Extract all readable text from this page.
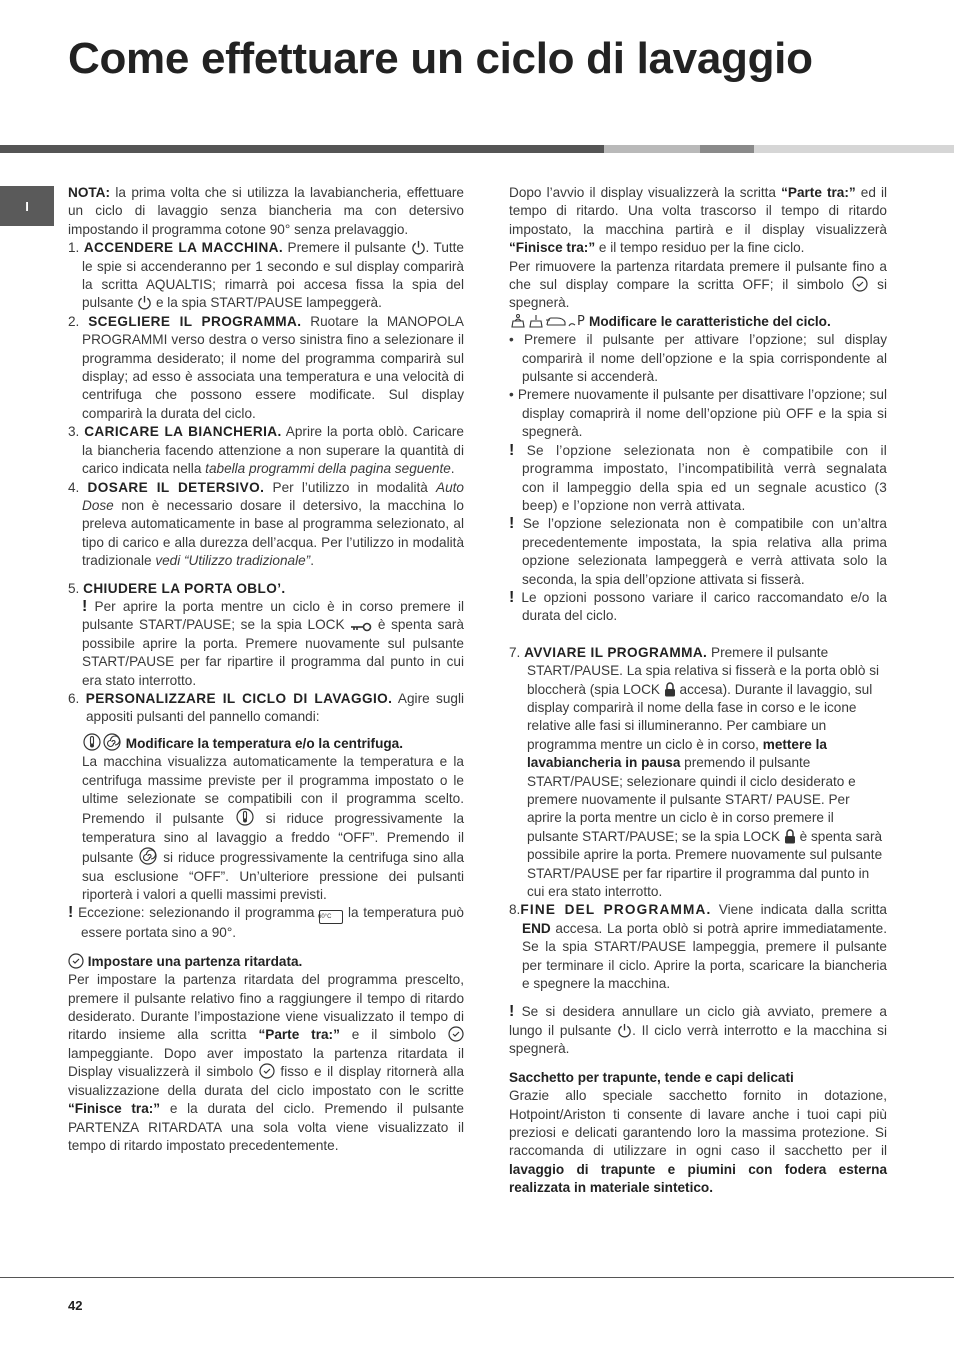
Come effettuare un ciclo di lavaggio
I

NOTA: la prima volta che si utilizza la lavabiancheria, effettuare un ciclo di lavaggio senza biancheria ma con detersivo impostando il programma cotone 90° senza prelavaggio.

1. ACCENDERE LA MACCHINA. Premere il pulsante
. Tutte le spie si accenderanno per 1 secondo e sul display comparirà la scritta AQUALTIS; rimarrà poi accesa fissa la spia del pulsante
e la spia START/PAUSE lampeggerà.

2. SCEGLIERE IL PROGRAMMA. Ruotare la MANOPOLA PROGRAMMI verso destra o verso sinistra fino a selezionare il programma desiderato; il nome del programma comparirà sul display; ad esso è associata una temperatura e una velocità di centrifuga che possono essere modificate. Sul display comparirà la durata del ciclo.

3. CARICARE LA BIANCHERIA. Aprire la porta oblò. Caricare la biancheria facendo attenzione a non superare la quantità di carico indicata nella tabella programmi della pagina seguente.

4. DOSARE IL DETERSIVO. Per l’utilizzo in modalità Auto Dose non è necessario dosare il detersivo, la macchina lo preleva automaticamente in base al programma selezionato, al tipo di carico e alla durezza dell’acqua. Per l’utilizzo in modalità tradizionale vedi “Utilizzo tradizionale”.

5. CHIUDERE LA PORTA OBLO’.

! Per aprire la porta mentre un ciclo è in corso premere il pulsante START/PAUSE; se la spia LOCK
è spenta sarà possibile aprire la porta. Premere nuovamente sul pulsante START/PAUSE per far ripartire il programma dal punto in cui era stato interrotto.

6. PERSONALIZZARE IL CICLO DI LAVAGGIO. Agire sugli appositi pulsanti del pannello comandi:

Modificare la temperatura e/o la centrifuga.

La macchina visualizza automaticamente la temperatura e la centrifuga massime previste per il programma impostato o le ultime selezionate se compatibili con il programma scelto. Premendo il pulsante
si riduce progressivamente la temperatura sino al lavaggio a freddo “OFF”. Premendo il pulsante
si riduce progressivamente la centrifuga sino alla sua esclusione “OFF”. Un’ulteriore pressione dei pulsanti riporterà i valori a quelli massimi previsti.

! Eccezione: selezionando il programma 60°C la temperatura può essere portata sino a 90°.

Impostare una partenza ritardata.

Per impostare la partenza ritardata del programma prescelto, premere il pulsante relativo fino a raggiungere il tempo di ritardo desiderato. Durante l’impostazione viene visualizzato il tempo di ritardo insieme alla scritta “Parte tra:” e il simbolo
lampeggiante. Dopo aver impostato la partenza ritardata il Display visualizzerà il simbolo
fisso e il display ritornerà alla visualizzazione della durata del ciclo impostato con le scritte “Finisce tra:” e la durata del ciclo. Premendo il pulsante PARTENZA RITARDATA una sola volta viene visualizzato il tempo di ritardo impostato precedentemente.

Dopo l’avvio il display visualizzerà la scritta “Parte tra:” ed il tempo di ritardo. Una volta trascorso il tempo di ritardo impostato, la macchina partirà e il display visualizzerà “Finisce tra:” e il tempo residuo per la fine ciclo.

Per rimuovere la partenza ritardata premere il pulsante fino a che sul display compare la scritta OFF; il simbolo
si spegnerà.

P Modificare le caratteristiche del ciclo.

• Premere il pulsante per attivare l’opzione; sul display comparirà il nome dell’opzione e la spia corrispondente al pulsante si accenderà.

• Premere nuovamente il pulsante per disattivare l’opzione; sul display comaprirà il nome dell’opzione più OFF e la spia si spegnerà.

! Se l’opzione selezionata non è compatibile con il programma impostato, l’incompatibilità verrà segnalata con il lampeggio della spia ed un segnale acustico (3 beep) e l’opzione non verrà attivata.

! Se l’opzione selezionata non è compatibile con un’altra precedentemente impostata, la spia relativa alla prima opzione selezionata lampeggerà e verrà attivata solo la seconda, la spia dell’opzione attivata si fisserà.

! Le opzioni possono variare il carico raccomandato e/o la durata del ciclo.

7. AVVIARE IL PROGRAMMA. Premere il pulsante START/PAUSE. La spia relativa si fisserà e la porta oblò si bloccherà (spia LOCK
accesa). Durante il lavaggio, sul display comparirà il nome della fase in corso e le icone relative alle fasi si illumineranno. Per cambiare un programma mentre un ciclo è in corso, mettere la lavabiancheria in pausa premendo il pulsante START/PAUSE; selezionare quindi il ciclo desiderato e premere nuovamente il pulsante START/ PAUSE. Per aprire la porta mentre un ciclo è in corso premere il pulsante START/PAUSE; se la spia LOCK
è spenta sarà possibile aprire la porta. Premere nuovamente sul pulsante START/PAUSE per far ripartire il programma dal punto in cui era stato interrotto.

8.FINE DEL PROGRAMMA. Viene indicata dalla scritta END accesa. La porta oblò si potrà aprire immediatamente. Se la spia START/PAUSE lampeggia, premere il pulsante per terminare il ciclo. Aprire la porta, scaricare la biancheria e spegnere la macchina.

! Se si desidera annullare un ciclo già avviato, premere a lungo il pulsante
. Il ciclo verrà interrotto e la macchina si spegnerà.

Sacchetto per trapunte, tende e capi delicati

Grazie allo speciale sacchetto fornito in dotazione, Hotpoint/Ariston ti consente di lavare anche i tuoi capi più preziosi e delicati garantendo loro la massima protezione. Si raccomanda di utilizzare in ogni caso il sacchetto per il lavaggio di trapunte e piumini con fodera esterna realizzata in materiale sintetico.

42
